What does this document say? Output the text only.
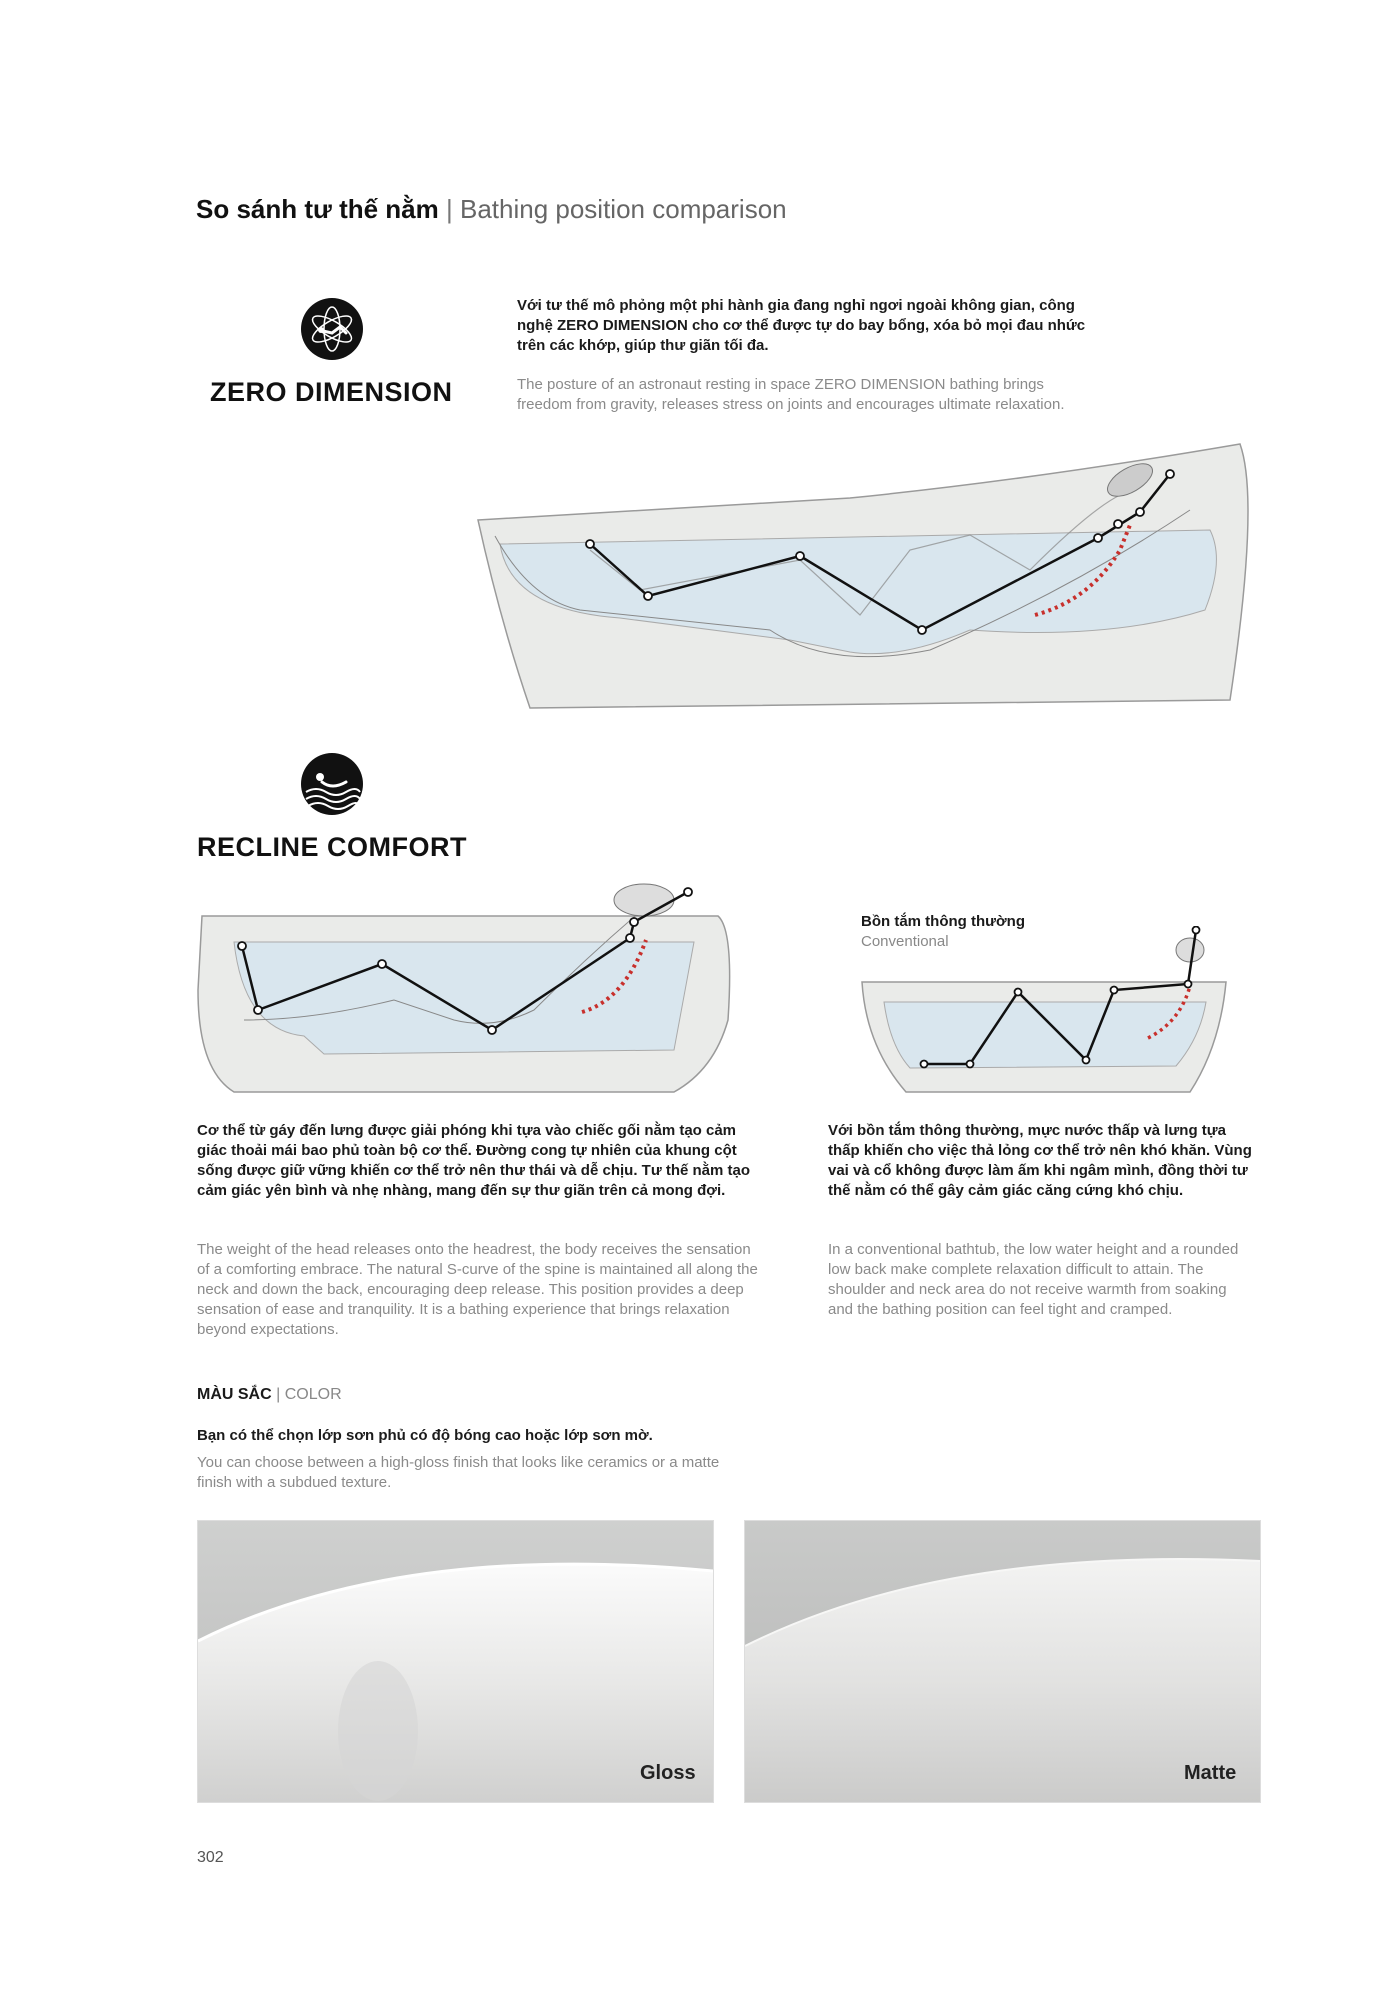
So sánh tư thế nằm | Bathing position comparison
ZERO DIMENSION
Với tư thế mô phỏng một phi hành gia đang nghỉ ngơi ngoài không gian, công nghệ ZERO DIMENSION cho cơ thể được tự do bay bổng, xóa bỏ mọi đau nhức trên các khớp, giúp thư giãn tối đa.
The posture of an astronaut resting in space ZERO DIMENSION bathing brings freedom from gravity, releases stress on joints and encourages ultimate relaxation.
RECLINE COMFORT
Bồn tắm thông thường
Conventional
Cơ thể từ gáy đến lưng được giải phóng khi tựa vào chiếc gối nằm tạo cảm giác thoải mái bao phủ toàn bộ cơ thể. Đường cong tự nhiên của khung cột sống được giữ vững khiến cơ thể trở nên thư thái và dễ chịu. Tư thế nằm tạo cảm giác yên bình và nhẹ nhàng, mang đến sự thư giãn trên cả mong đợi.
The weight of the head releases onto the headrest, the body receives the sensation of a comforting embrace. The natural S-curve of the spine is maintained all along the neck and down the back, encouraging deep release. This position provides a deep sensation of ease and tranquility. It is a bathing experience that brings relaxation beyond expectations.
Với bồn tắm thông thường, mực nước thấp và lưng tựa thấp khiến cho việc thả lỏng cơ thể trở nên khó khăn. Vùng vai và cổ không được làm ấm khi ngâm mình, đồng thời tư thế nằm có thể gây cảm giác căng cứng khó chịu.
In a conventional bathtub, the low water height and a rounded low back make complete relaxation difficult to attain. The shoulder and neck area do not receive warmth from soaking and the bathing position can feel tight and cramped.
MÀU SẮC | COLOR
Bạn có thể chọn lớp sơn phủ có độ bóng cao hoặc lớp sơn mờ.
You can choose between a high-gloss finish that looks like ceramics or a matte finish with a subdued texture.
Gloss	Matte
302
